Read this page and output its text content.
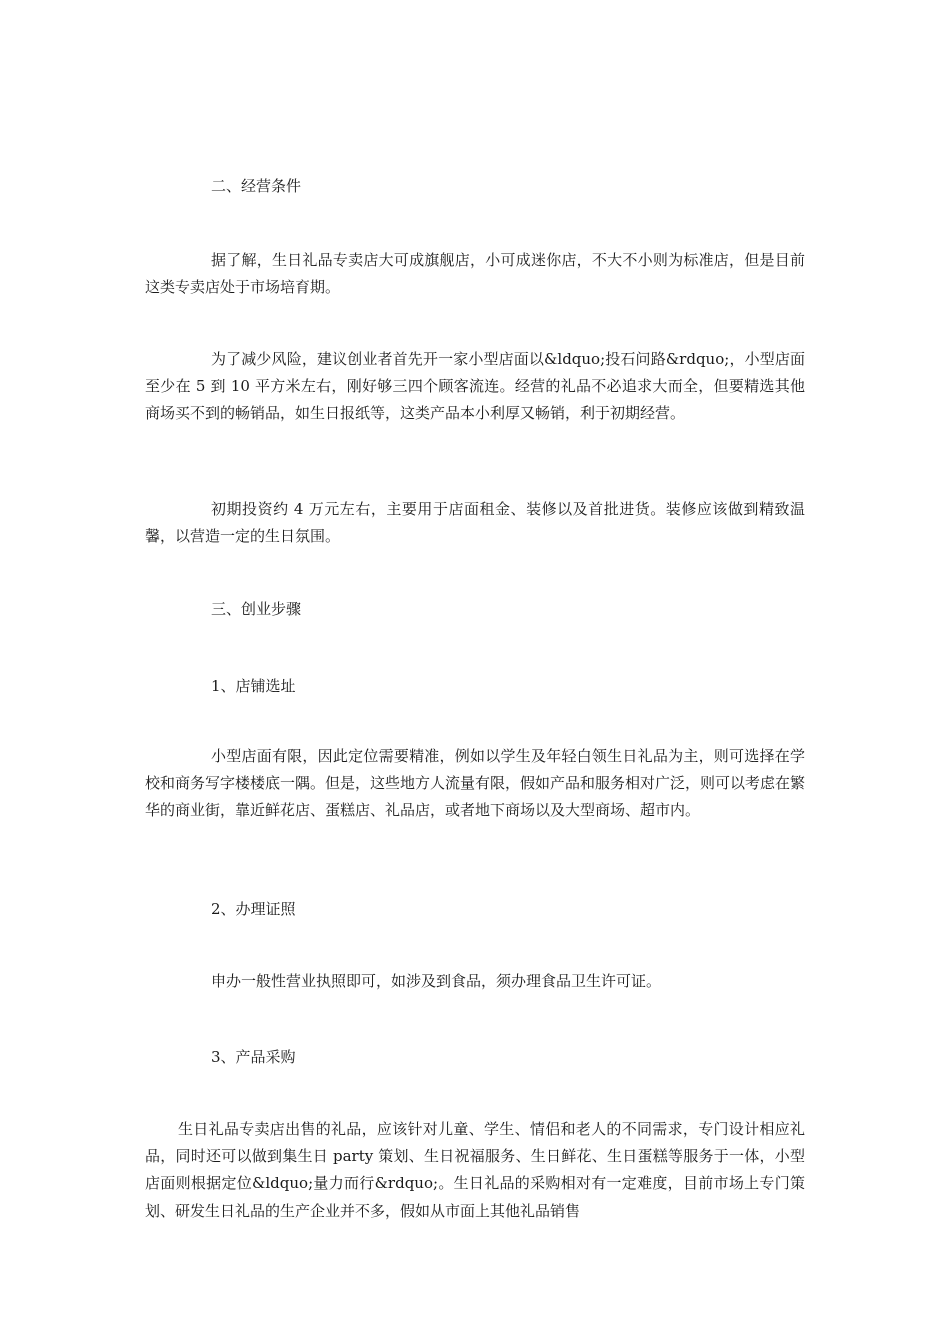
二、经营条件

据了解，生日礼品专卖店大可成旗舰店，小可成迷你店，不大不小则为标准店，但是目前这类专卖店处于市场培育期。

为了减少风险，建议创业者首先开一家小型店面以&ldquo;投石问路&rdquo;，小型店面至少在 5 到 10 平方米左右，刚好够三四个顾客流连。经营的礼品不必追求大而全，但要精选其他商场买不到的畅销品，如生日报纸等，这类产品本小利厚又畅销，利于初期经营。

初期投资约 4 万元左右，主要用于店面租金、装修以及首批进货。装修应该做到精致温馨，以营造一定的生日氛围。

三、创业步骤

1、店铺选址

小型店面有限，因此定位需要精准，例如以学生及年轻白领生日礼品为主，则可选择在学校和商务写字楼楼底一隅。但是，这些地方人流量有限，假如产品和服务相对广泛，则可以考虑在繁华的商业街，靠近鲜花店、蛋糕店、礼品店，或者地下商场以及大型商场、超市内。

2、办理证照

申办一般性营业执照即可，如涉及到食品，须办理食品卫生许可证。

3、产品采购

生日礼品专卖店出售的礼品，应该针对儿童、学生、情侣和老人的不同需求，专门设计相应礼品，同时还可以做到集生日 party 策划、生日祝福服务、生日鲜花、生日蛋糕等服务于一体，小型店面则根据定位&ldquo;量力而行&rdquo;。生日礼品的采购相对有一定难度，目前市场上专门策划、研发生日礼品的生产企业并不多，假如从市面上其他礼品销售
